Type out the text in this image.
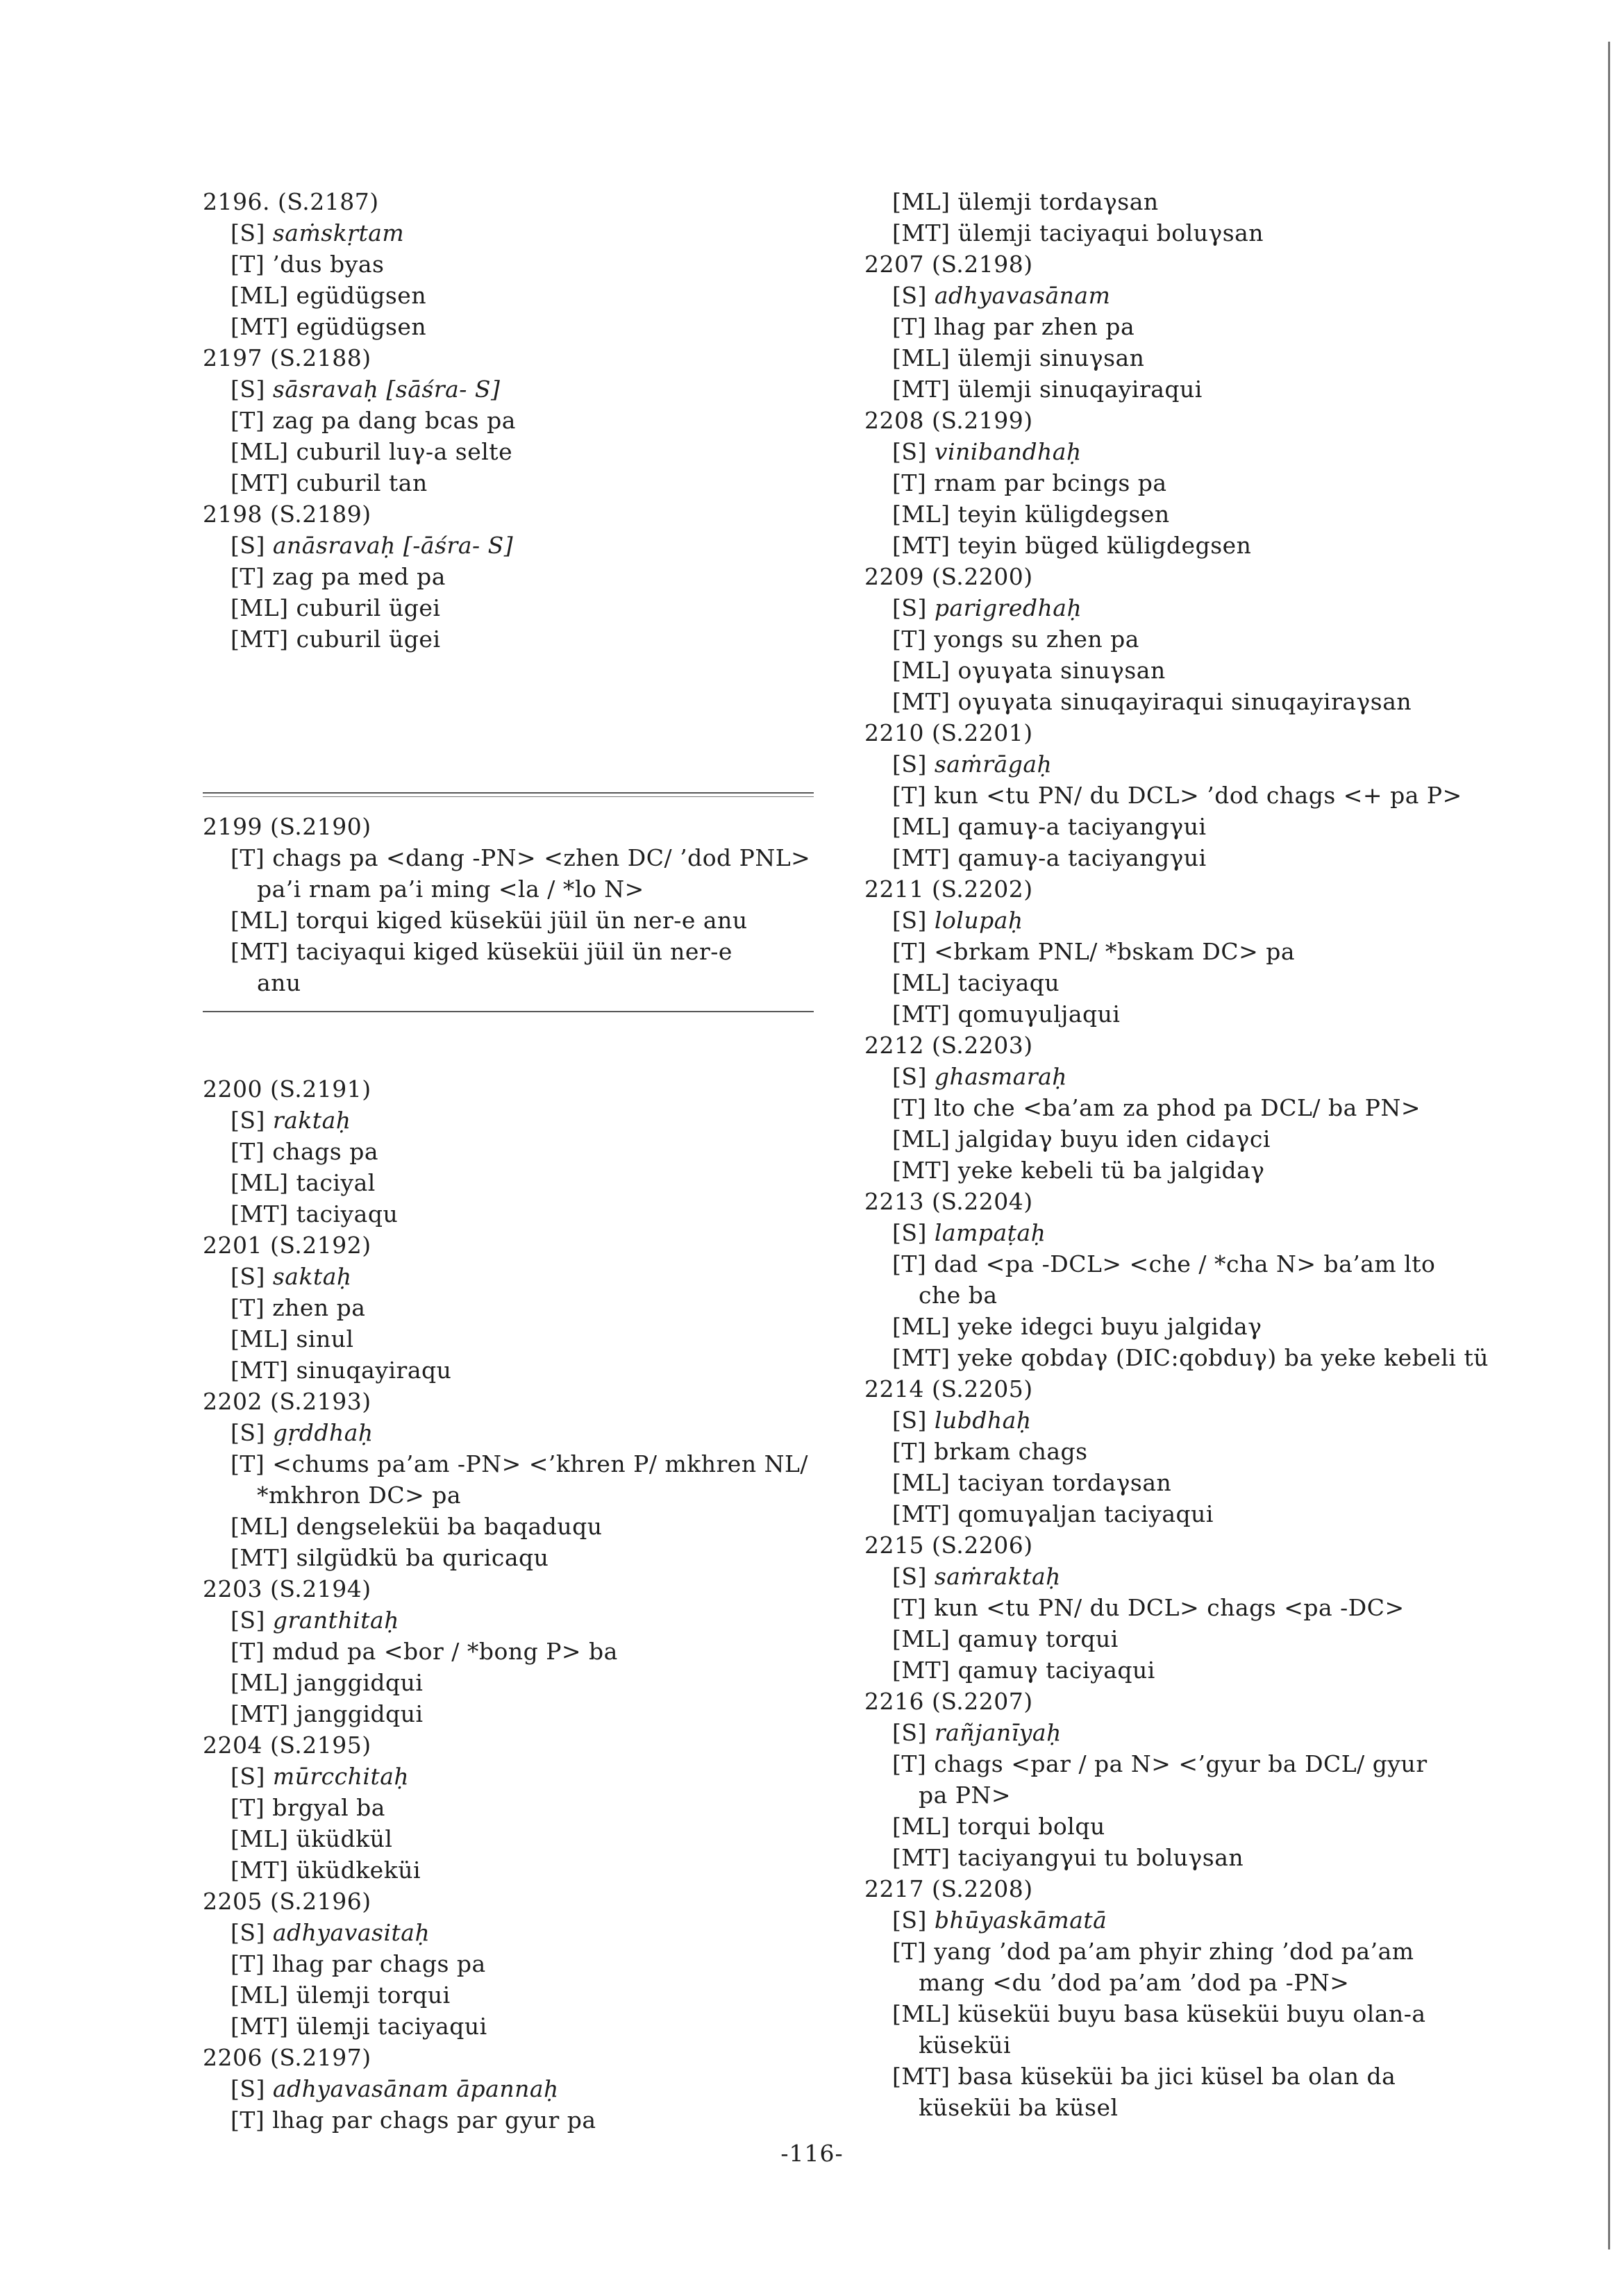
2196. (S.2187)
[S] saṁskṛtam
[T] ’dus byas
[ML] egüdügsen
[MT] egüdügsen
2197 (S.2188)
[S] sāsravaḥ [sāśra- S]
[T] zag pa dang bcas pa
[ML] cuburil luγ-a selte
[MT] cuburil tan
2198 (S.2189)
[S] anāsravaḥ [-āśra- S]
[T] zag pa med pa
[ML] cuburil ügei
[MT] cuburil ügei
2199 (S.2190)
[T] chags pa <dang -PN> <zhen DC/ ’dod PNL>
pa’i rnam pa’i ming <la / *lo N>
[ML] torqui kiged küseküi jüil ün ner-e anu
[MT] taciyaqui kiged küseküi jüil ün ner-e
anu
2200 (S.2191)
[S] raktaḥ
[T] chags pa
[ML] taciyal
[MT] taciyaqu
2201 (S.2192)
[S] saktaḥ
[T] zhen pa
[ML] sinul
[MT] sinuqayiraqu
2202 (S.2193)
[S] gṛddhaḥ
[T] <chums pa’am -PN> <’khren P/ mkhren NL/
*mkhron DC> pa
[ML] dengseleküi ba baqaduqu
[MT] silgüdkü ba quricaqu
2203 (S.2194)
[S] granthitaḥ
[T] mdud pa <bor / *bong P> ba
[ML] janggidqui
[MT] janggidqui
2204 (S.2195)
[S] mūrcchitaḥ
[T] brgyal ba
[ML] üküdkül
[MT] üküdkeküi
2205 (S.2196)
[S] adhyavasitaḥ
[T] lhag par chags pa
[ML] ülemji torqui
[MT] ülemji taciyaqui
2206 (S.2197)
[S] adhyavasānam āpannaḥ
[T] lhag par chags par gyur pa
[ML] ülemji tordaγsan
[MT] ülemji taciyaqui boluγsan
2207 (S.2198)
[S] adhyavasānam
[T] lhag par zhen pa
[ML] ülemji sinuγsan
[MT] ülemji sinuqayiraqui
2208 (S.2199)
[S] vinibandhaḥ
[T] rnam par bcings pa
[ML] teyin küligdegsen
[MT] teyin büged küligdegsen
2209 (S.2200)
[S] parigredhaḥ
[T] yongs su zhen pa
[ML] oγuγata sinuγsan
[MT] oγuγata sinuqayiraqui sinuqayiraγsan
2210 (S.2201)
[S] saṁrāgaḥ
[T] kun <tu PN/ du DCL> ’dod chags <+ pa P>
[ML] qamuγ-a taciyangγui
[MT] qamuγ-a taciyangγui
2211 (S.2202)
[S] lolupaḥ
[T] <brkam PNL/ *bskam DC> pa
[ML] taciyaqu
[MT] qomuγuljaqui
2212 (S.2203)
[S] ghasmaraḥ
[T] lto che <ba’am za phod pa DCL/ ba PN>
[ML] jalgidaγ buyu iden cidaγci
[MT] yeke kebeli tü ba jalgidaγ
2213 (S.2204)
[S] lampaṭaḥ
[T] dad <pa -DCL> <che / *cha N> ba’am lto
che ba
[ML] yeke idegci buyu jalgidaγ
[MT] yeke qobdaγ (DIC:qobduγ) ba yeke kebeli tü
2214 (S.2205)
[S] lubdhaḥ
[T] brkam chags
[ML] taciyan tordaγsan
[MT] qomuγaljan taciyaqui
2215 (S.2206)
[S] saṁraktaḥ
[T] kun <tu PN/ du DCL> chags <pa -DC>
[ML] qamuγ torqui
[MT] qamuγ taciyaqui
2216 (S.2207)
[S] rañjanīyaḥ
[T] chags <par / pa N> <’gyur ba DCL/ gyur
pa PN>
[ML] torqui bolqu
[MT] taciyangγui tu boluγsan
2217 (S.2208)
[S] bhūyaskāmatā
[T] yang ’dod pa’am phyir zhing ’dod pa’am
mang <du ’dod pa’am ’dod pa -PN>
[ML] küseküi buyu basa küseküi buyu olan-a
küseküi
[MT] basa küseküi ba jici küsel ba olan da
küseküi ba küsel
-116-
